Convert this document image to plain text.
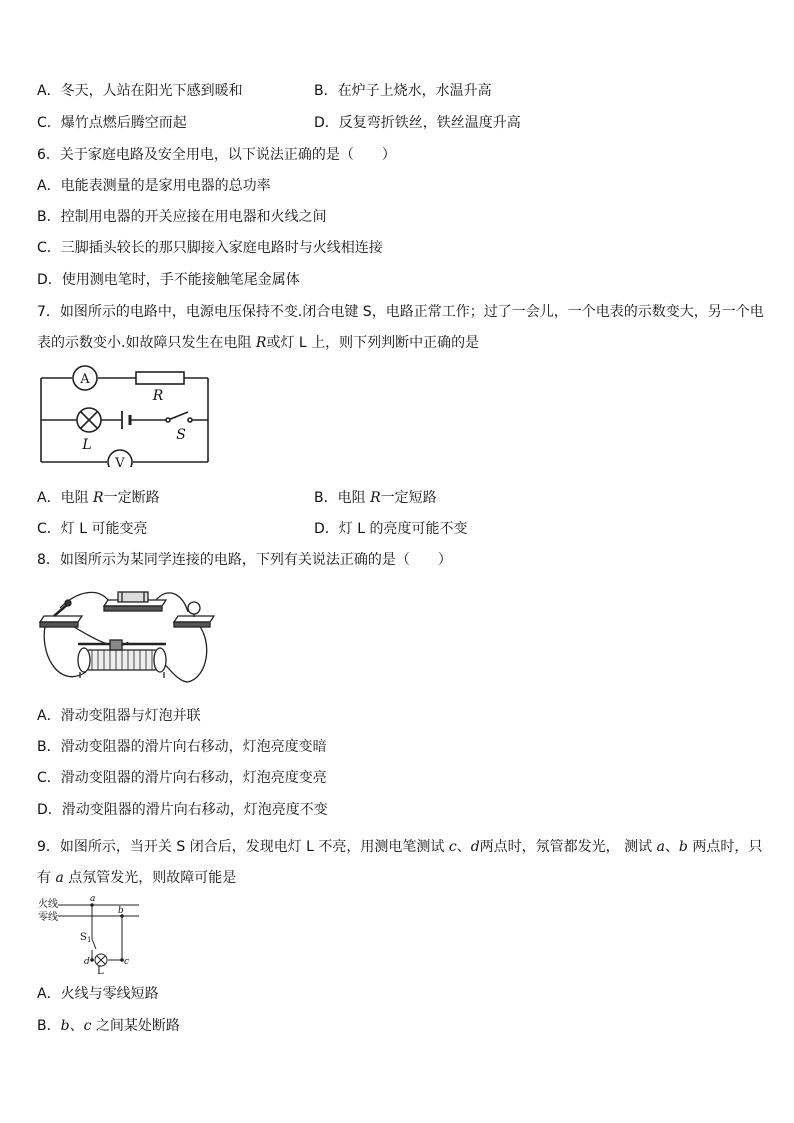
A．冬天，人站在阳光下感到暖和	B．在炉子上烧水，水温升高
C．爆竹点燃后腾空而起	D．反复弯折铁丝，铁丝温度升高
6．关于家庭电路及安全用电，以下说法正确的是（　　）
A．电能表测量的是家用电器的总功率
B．控制用电器的开关应接在用电器和火线之间
C．三脚插头较长的那只脚接入家庭电路时与火线相连接
D．使用测电笔时，手不能接触笔尾金属体
7．如图所示的电路中，电源电压保持不变.闭合电键 S，电路正常工作；过了一会儿，一个电表的示数变大，另一个电
表的示数变小.如故障只发生在电阻 R或灯 L 上，则下列判断中正确的是
A
V
R
L
S
A．电阻 R一定断路	B．电阻 R一定短路
C．灯 L 可能变亮	D．灯 L 的亮度可能不变
8．如图所示为某同学连接的电路，下列有关说法正确的是（　　）
A．滑动变阻器与灯泡并联
B．滑动变阻器的滑片向右移动，灯泡亮度变暗
C．滑动变阻器的滑片向右移动，灯泡亮度变亮
D．滑动变阻器的滑片向右移动，灯泡亮度不变
9．如图所示，当开关 S 闭合后，发现电灯 L 不亮，用测电笔测试 c、d两点时，氖管都发光， 测试 a、b 两点时，只
有 a 点氖管发光，则故障可能是
火线
零线
a
b
d	c
S 1
L
A．火线与零线短路
B．b、c 之间某处断路
